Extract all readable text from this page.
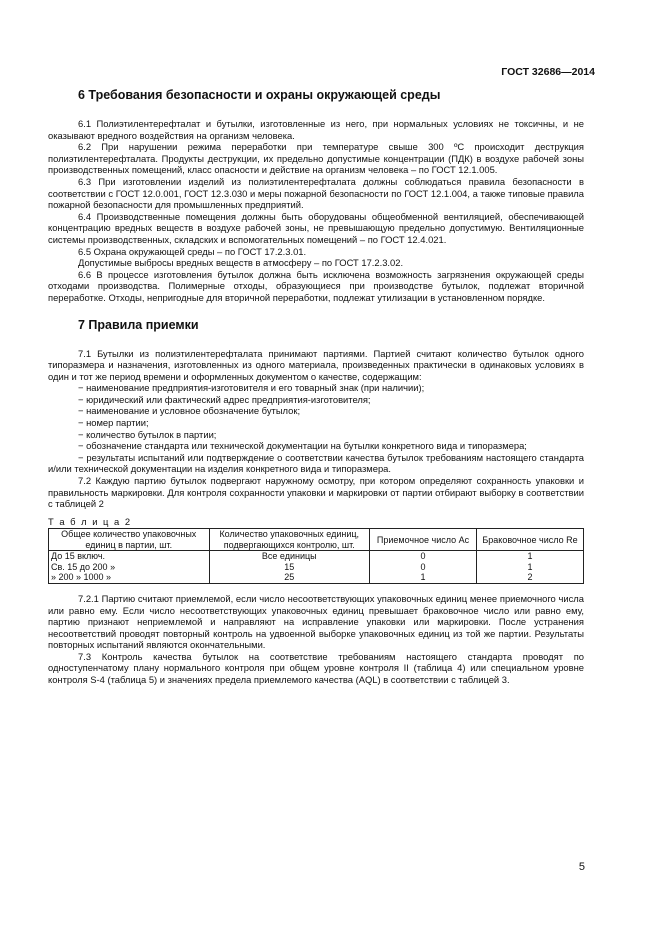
ГОСТ 32686—2014
6 Требования безопасности и охраны окружающей среды

6.1 Полиэтилентерефталат и бутылки, изготовленные из него, при нормальных условиях не токсичны, и не оказывают вредного воздействия на организм человека.

6.2 При нарушении режима переработки при температуре свыше 300 ºС происходит деструкция полиэтилентерефталата. Продукты деструкции, их предельно допустимые концентрации (ПДК) в воздухе рабочей зоны производственных помещений, класс опасности и действие на организм человека – по ГОСТ 12.1.005.

6.3 При изготовлении изделий из полиэтилентерефталата должны соблюдаться правила безопасности в соответствии с ГОСТ 12.0.001, ГОСТ 12.3.030 и меры пожарной безопасности по ГОСТ 12.1.004, а также типовые правила пожарной безопасности для промышленных предприятий.

6.4 Производственные помещения должны быть оборудованы общеобменной вентиляцией, обеспечивающей концентрацию вредных веществ в воздухе рабочей зоны, не превышающую предельно допустимую. Вентиляционные системы производственных, складских и вспомогательных помещений – по ГОСТ 12.4.021.

6.5 Охрана окружающей среды – по ГОСТ 17.2.3.01.

Допустимые выбросы вредных веществ в атмосферу – по ГОСТ 17.2.3.02.

6.6 В процессе изготовления бутылок должна быть исключена возможность загрязнения окружающей среды отходами производства. Полимерные отходы, образующиеся при производстве бутылок, подлежат вторичной переработке. Отходы, непригодные для вторичной переработки, подлежат утилизации в установленном порядке.

7 Правила приемки

7.1 Бутылки из полиэтилентерефталата принимают партиями. Партией считают количество бутылок одного типоразмера и назначения, изготовленных из одного материала, произведенных практически в одинаковых условиях в один и тот же период времени и оформленных документом о качестве, содержащим:

− наименование предприятия-изготовителя и его товарный знак (при наличии);

− юридический или фактический адрес предприятия-изготовителя;

− наименование и условное обозначение бутылок;

− номер партии;

− количество бутылок в партии;

− обозначение стандарта или технической документации на бутылки конкретного вида и типоразмера;

− результаты испытаний или подтверждение о соответствии качества бутылок требованиям настоящего стандарта и/или технической документации на изделия конкретного вида и типоразмера.

7.2 Каждую партию бутылок подвергают наружному осмотру, при котором определяют сохранность упаковки и правильность маркировки. Для контроля сохранности упаковки и маркировки от партии отбирают выборку в соответствии с таблицей 2

Т а б л и ц а 2

Общее количество упаковочных единиц в партии, шт.	Количество упаковочных единиц, подвергающихся контролю, шт.	Приемочное число Ac	Браковочное число Re
До 15 включ.	Все единицы	0	1
Св. 15 до 200 »	15	0	1
» 200 » 1000 »	25	1	2

7.2.1 Партию считают приемлемой, если число несоответствующих упаковочных единиц менее приемочного числа или равно ему. Если число несоответствующих упаковочных единиц превышает браковочное число или равно ему, партию признают неприемлемой и направляют на исправление упаковки или маркировки. После устранения несоответствий проводят повторный контроль на удвоенной выборке упаковочных единиц из той же партии. Результаты повторных испытаний являются окончательными.

7.3 Контроль качества бутылок на соответствие требованиям настоящего стандарта проводят по одноступенчатому плану нормального контроля при общем уровне контроля II (таблица 4) или специальном уровне контроля S-4 (таблица 5) и значениях предела приемлемого качества (AQL) в соответствии с таблицей 3.

5
